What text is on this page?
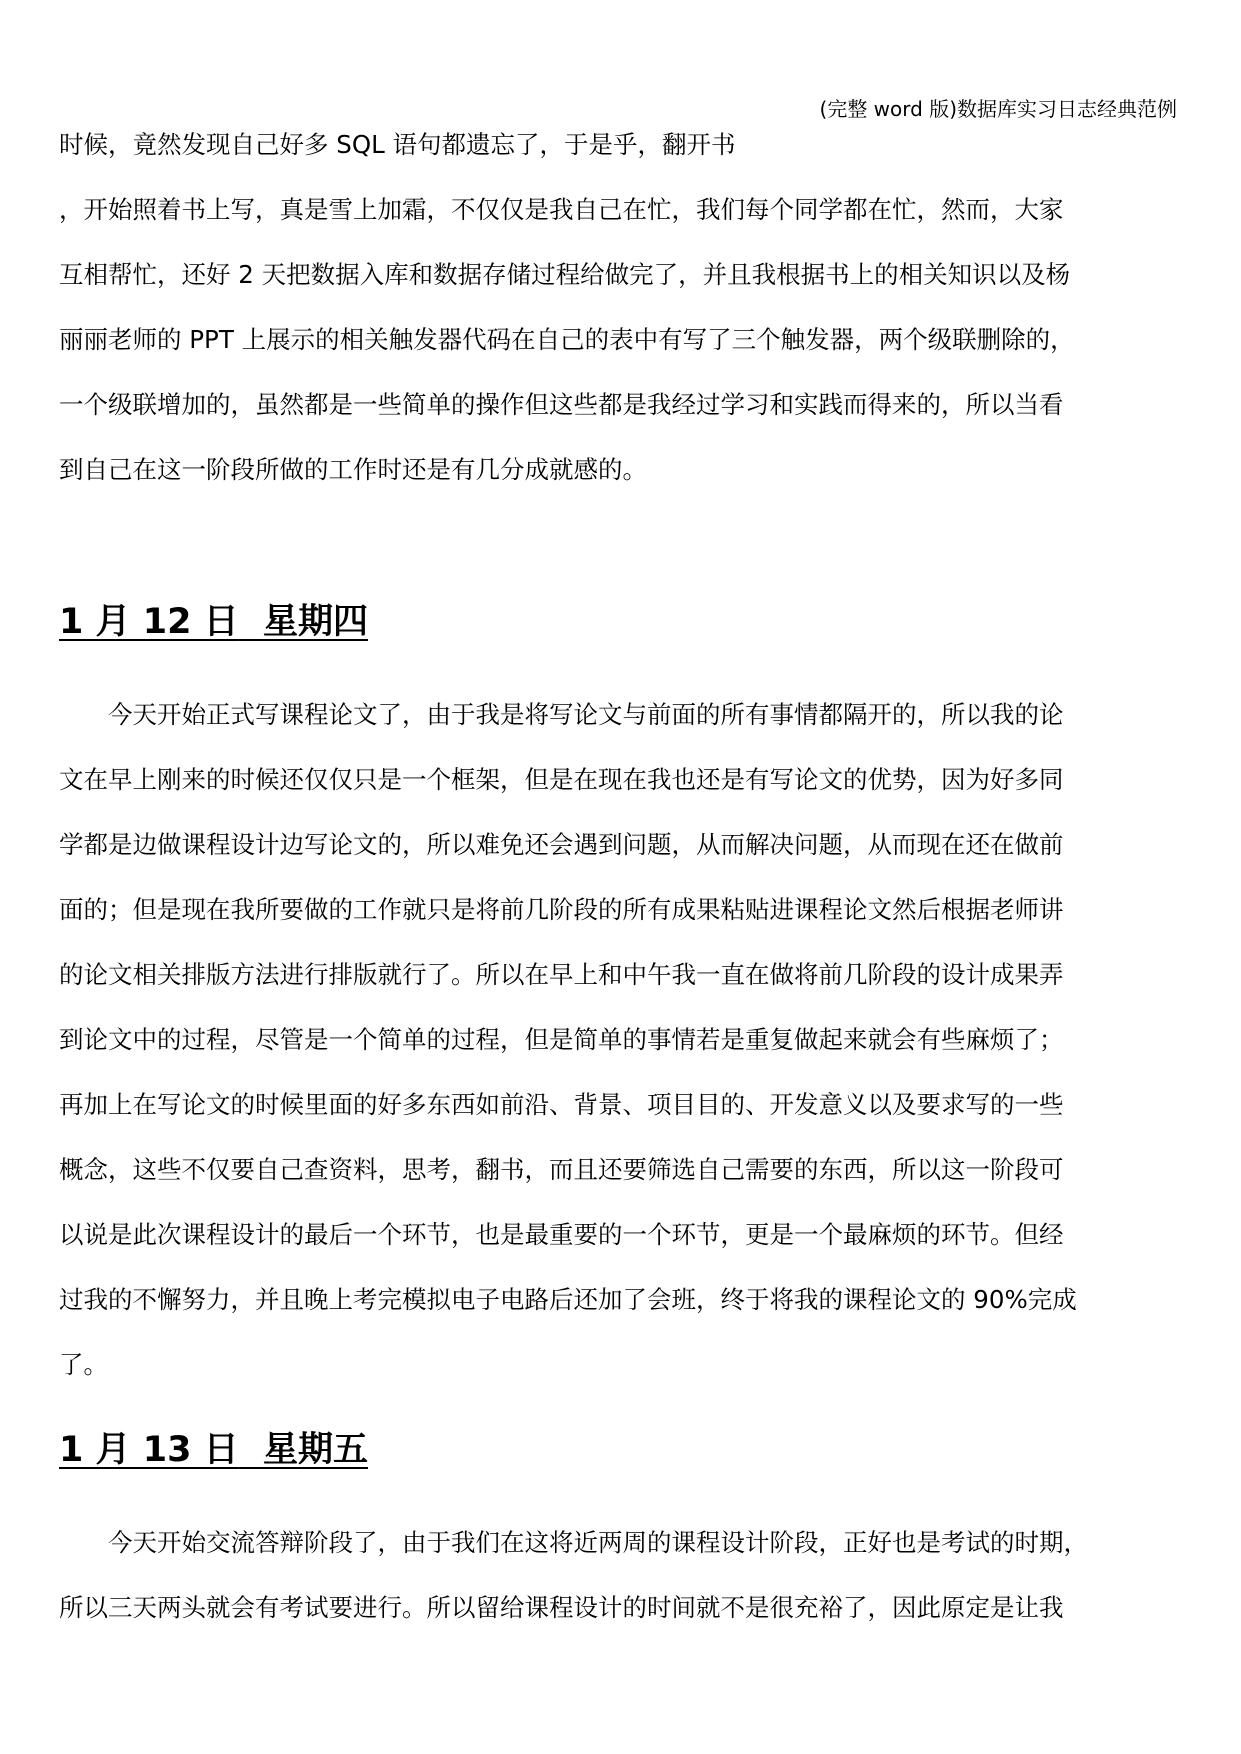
(完整 word 版)数据库实习日志经典范例
时候，竟然发现自己好多 SQL 语句都遗忘了，于是乎，翻开书
，开始照着书上写，真是雪上加霜，不仅仅是我自己在忙，我们每个同学都在忙，然而，大家
互相帮忙，还好 2 天把数据入库和数据存储过程给做完了，并且我根据书上的相关知识以及杨
丽丽老师的 PPT 上展示的相关触发器代码在自己的表中有写了三个触发器，两个级联删除的，
一个级联增加的，虽然都是一些简单的操作但这些都是我经过学习和实践而得来的，所以当看
到自己在这一阶段所做的工作时还是有几分成就感的。
1 月 12 日 星期四
今天开始正式写课程论文了，由于我是将写论文与前面的所有事情都隔开的，所以我的论
文在早上刚来的时候还仅仅只是一个框架，但是在现在我也还是有写论文的优势，因为好多同
学都是边做课程设计边写论文的，所以难免还会遇到问题，从而解决问题，从而现在还在做前
面的；但是现在我所要做的工作就只是将前几阶段的所有成果粘贴进课程论文然后根据老师讲
的论文相关排版方法进行排版就行了。所以在早上和中午我一直在做将前几阶段的设计成果弄
到论文中的过程，尽管是一个简单的过程，但是简单的事情若是重复做起来就会有些麻烦了；
再加上在写论文的时候里面的好多东西如前沿、背景、项目目的、开发意义以及要求写的一些
概念，这些不仅要自己查资料，思考，翻书，而且还要筛选自己需要的东西，所以这一阶段可
以说是此次课程设计的最后一个环节，也是最重要的一个环节，更是一个最麻烦的环节。但经
过我的不懈努力，并且晚上考完模拟电子电路后还加了会班，终于将我的课程论文的 90%完成
了。
1 月 13 日 星期五
今天开始交流答辩阶段了，由于我们在这将近两周的课程设计阶段，正好也是考试的时期，
所以三天两头就会有考试要进行。所以留给课程设计的时间就不是很充裕了，因此原定是让我
